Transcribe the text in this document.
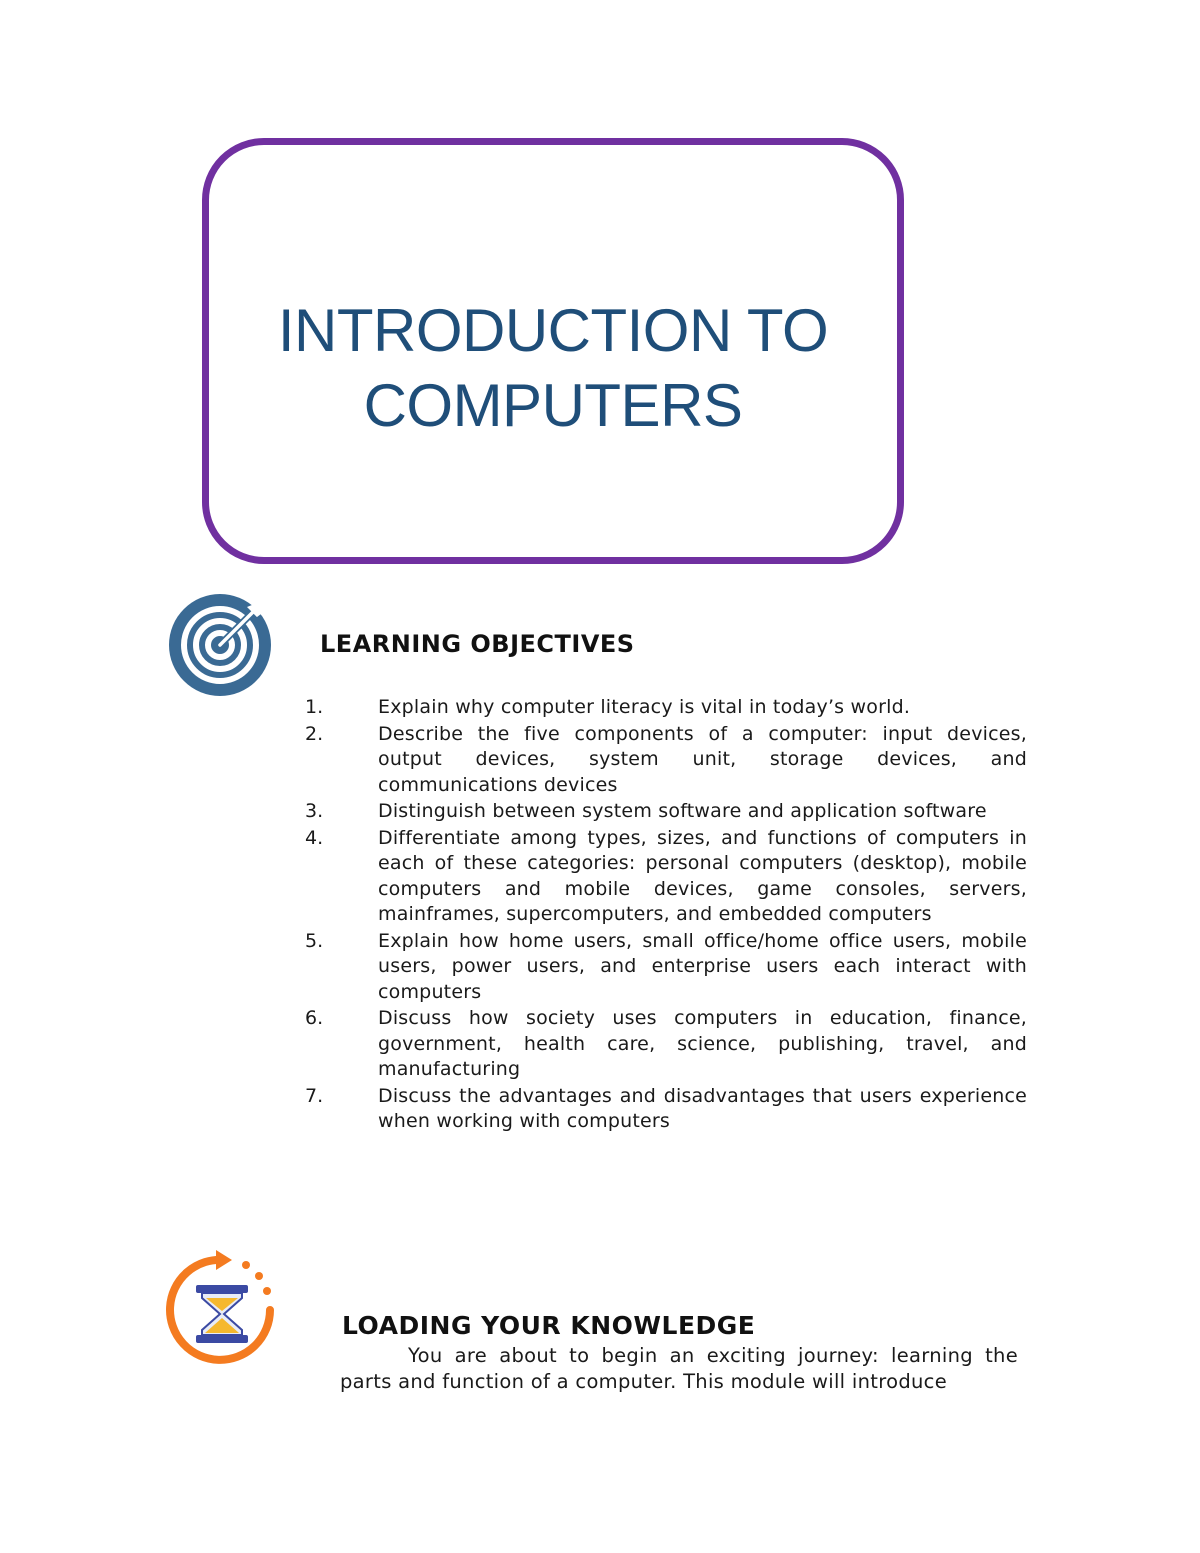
INTRODUCTION TO
COMPUTERS
LEARNING OBJECTIVES
1.	Explain why computer literacy is vital in today’s world.
2.	Describe the five components of a computer: input devices, output devices, system unit, storage devices, and communications devices
3.	Distinguish between system software and application software
4.	Differentiate among types, sizes, and functions of computers in each of these categories: personal computers (desktop), mobile computers and mobile devices, game consoles, servers, mainframes, supercomputers, and embedded computers
5.	Explain how home users, small office/home office users, mobile users, power users, and enterprise users each interact with computers
6.	Discuss how society uses computers in education, finance, government, health care, science, publishing, travel, and manufacturing
7.	Discuss the advantages and disadvantages that users experience when working with computers
LOADING YOUR KNOWLEDGE

You are about to begin an exciting journey: learning the parts and function of a computer. This module will introduce
